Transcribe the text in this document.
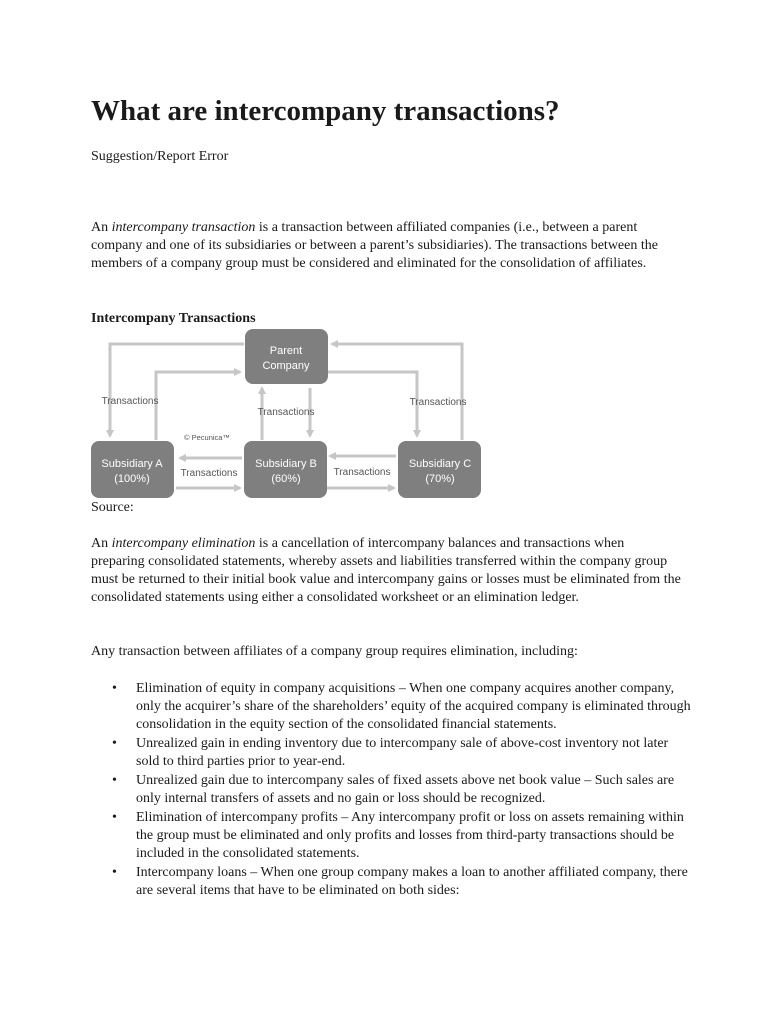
What are intercompany transactions?
Suggestion/Report Error

An intercompany transaction is a transaction between affiliated companies (i.e., between a parent company and one of its subsidiaries or between a parent’s subsidiaries). The transactions between the members of a company group must be considered and eliminated for the consolidation of affiliates.

Intercompany Transactions
Parent
Company
Subsidiary A
(100%)
Subsidiary B
(60%)
Subsidiary C
(70%)
Transactions
Transactions
Transactions
Transactions	Transactions
© Pecunica™
Source:

An intercompany elimination is a cancellation of intercompany balances and transactions when preparing consolidated statements, whereby assets and liabilities transferred within the company group must be returned to their initial book value and intercompany gains or losses must be eliminated from the consolidated statements using either a consolidated worksheet or an elimination ledger.

Any transaction between affiliates of a company group requires elimination, including:

• Elimination of equity in company acquisitions – When one company acquires another company, only the acquirer’s share of the shareholders’ equity of the acquired company is eliminated through consolidation in the equity section of the consolidated financial statements.
• Unrealized gain in ending inventory due to intercompany sale of above-cost inventory not later sold to third parties prior to year-end.
• Unrealized gain due to intercompany sales of fixed assets above net book value – Such sales are only internal transfers of assets and no gain or loss should be recognized.
• Elimination of intercompany profits – Any intercompany profit or loss on assets remaining within the group must be eliminated and only profits and losses from third-party transactions should be included in the consolidated statements.
• Intercompany loans – When one group company makes a loan to another affiliated company, there are several items that have to be eliminated on both sides:
